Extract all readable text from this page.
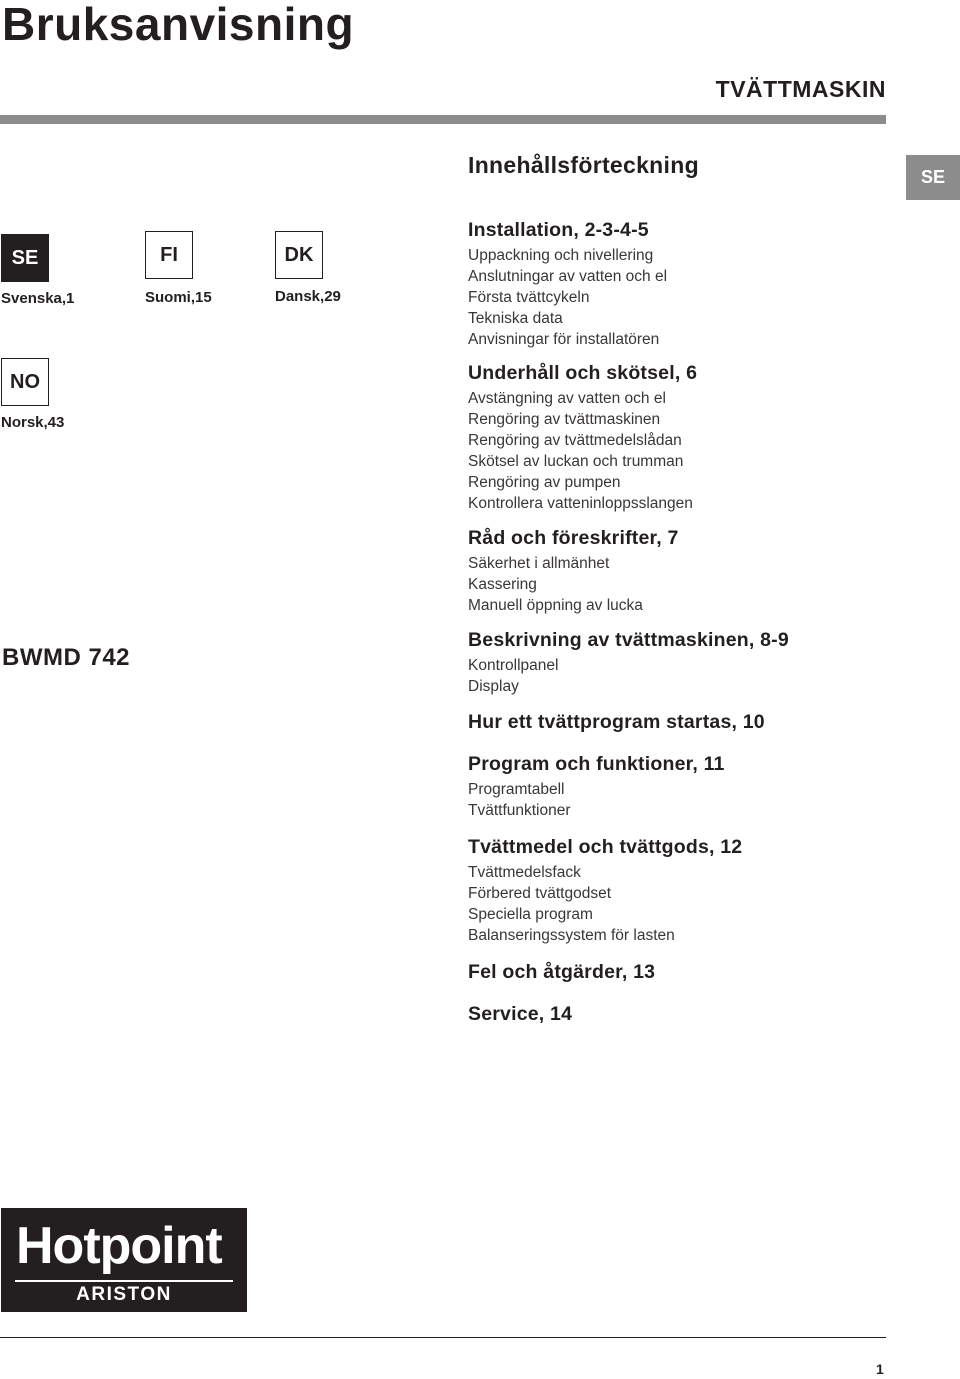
Bruksanvisning
TVÄTTMASKIN
Innehållsförteckning	SE
SE
Svenska,1
FI
Suomi,15
DK
Dansk,29
NO
Norsk,43
BWMD 742
Installation, 2-3-4-5
Uppackning och nivellering
Anslutningar av vatten och el
Första tvättcykeln
Tekniska data
Anvisningar för installatören
Underhåll och skötsel, 6
Avstängning av vatten och el
Rengöring av tvättmaskinen
Rengöring av tvättmedelslådan
Skötsel av luckan och trumman
Rengöring av pumpen
Kontrollera vatteninloppsslangen
Råd och föreskrifter, 7
Säkerhet i allmänhet
Kassering
Manuell öppning av lucka
Beskrivning av tvättmaskinen, 8-9
Kontrollpanel
Display
Hur ett tvättprogram startas, 10
Program och funktioner, 11
Programtabell
Tvättfunktioner
Tvättmedel och tvättgods, 12
Tvättmedelsfack
Förbered tvättgodset
Speciella program
Balanseringssystem för lasten
Fel och åtgärder, 13
Service, 14
Hotpoint
ARISTON
1
